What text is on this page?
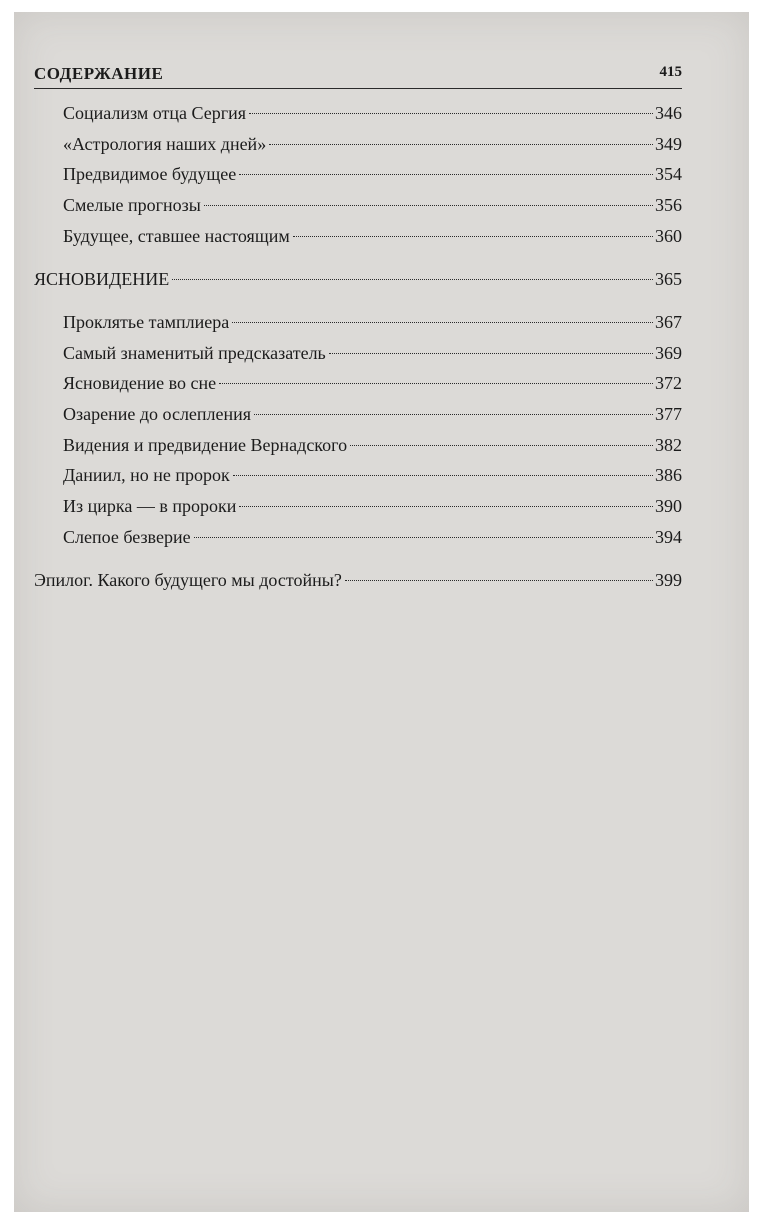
СОДЕРЖАНИЕ	415
Социализм отца Сергия	346
«Астрология наших дней»	349
Предвидимое будущее	354
Смелые прогнозы	356
Будущее, ставшее настоящим	360
ЯСНОВИДЕНИЕ	365
Проклятье тамплиера	367
Самый знаменитый предсказатель	369
Ясновидение во сне	372
Озарение до ослепления	377
Видения и предвидение Вернадского	382
Даниил, но не пророк	386
Из цирка — в пророки	390
Слепое безверие	394
Эпилог. Какого будущего мы достойны?	399
